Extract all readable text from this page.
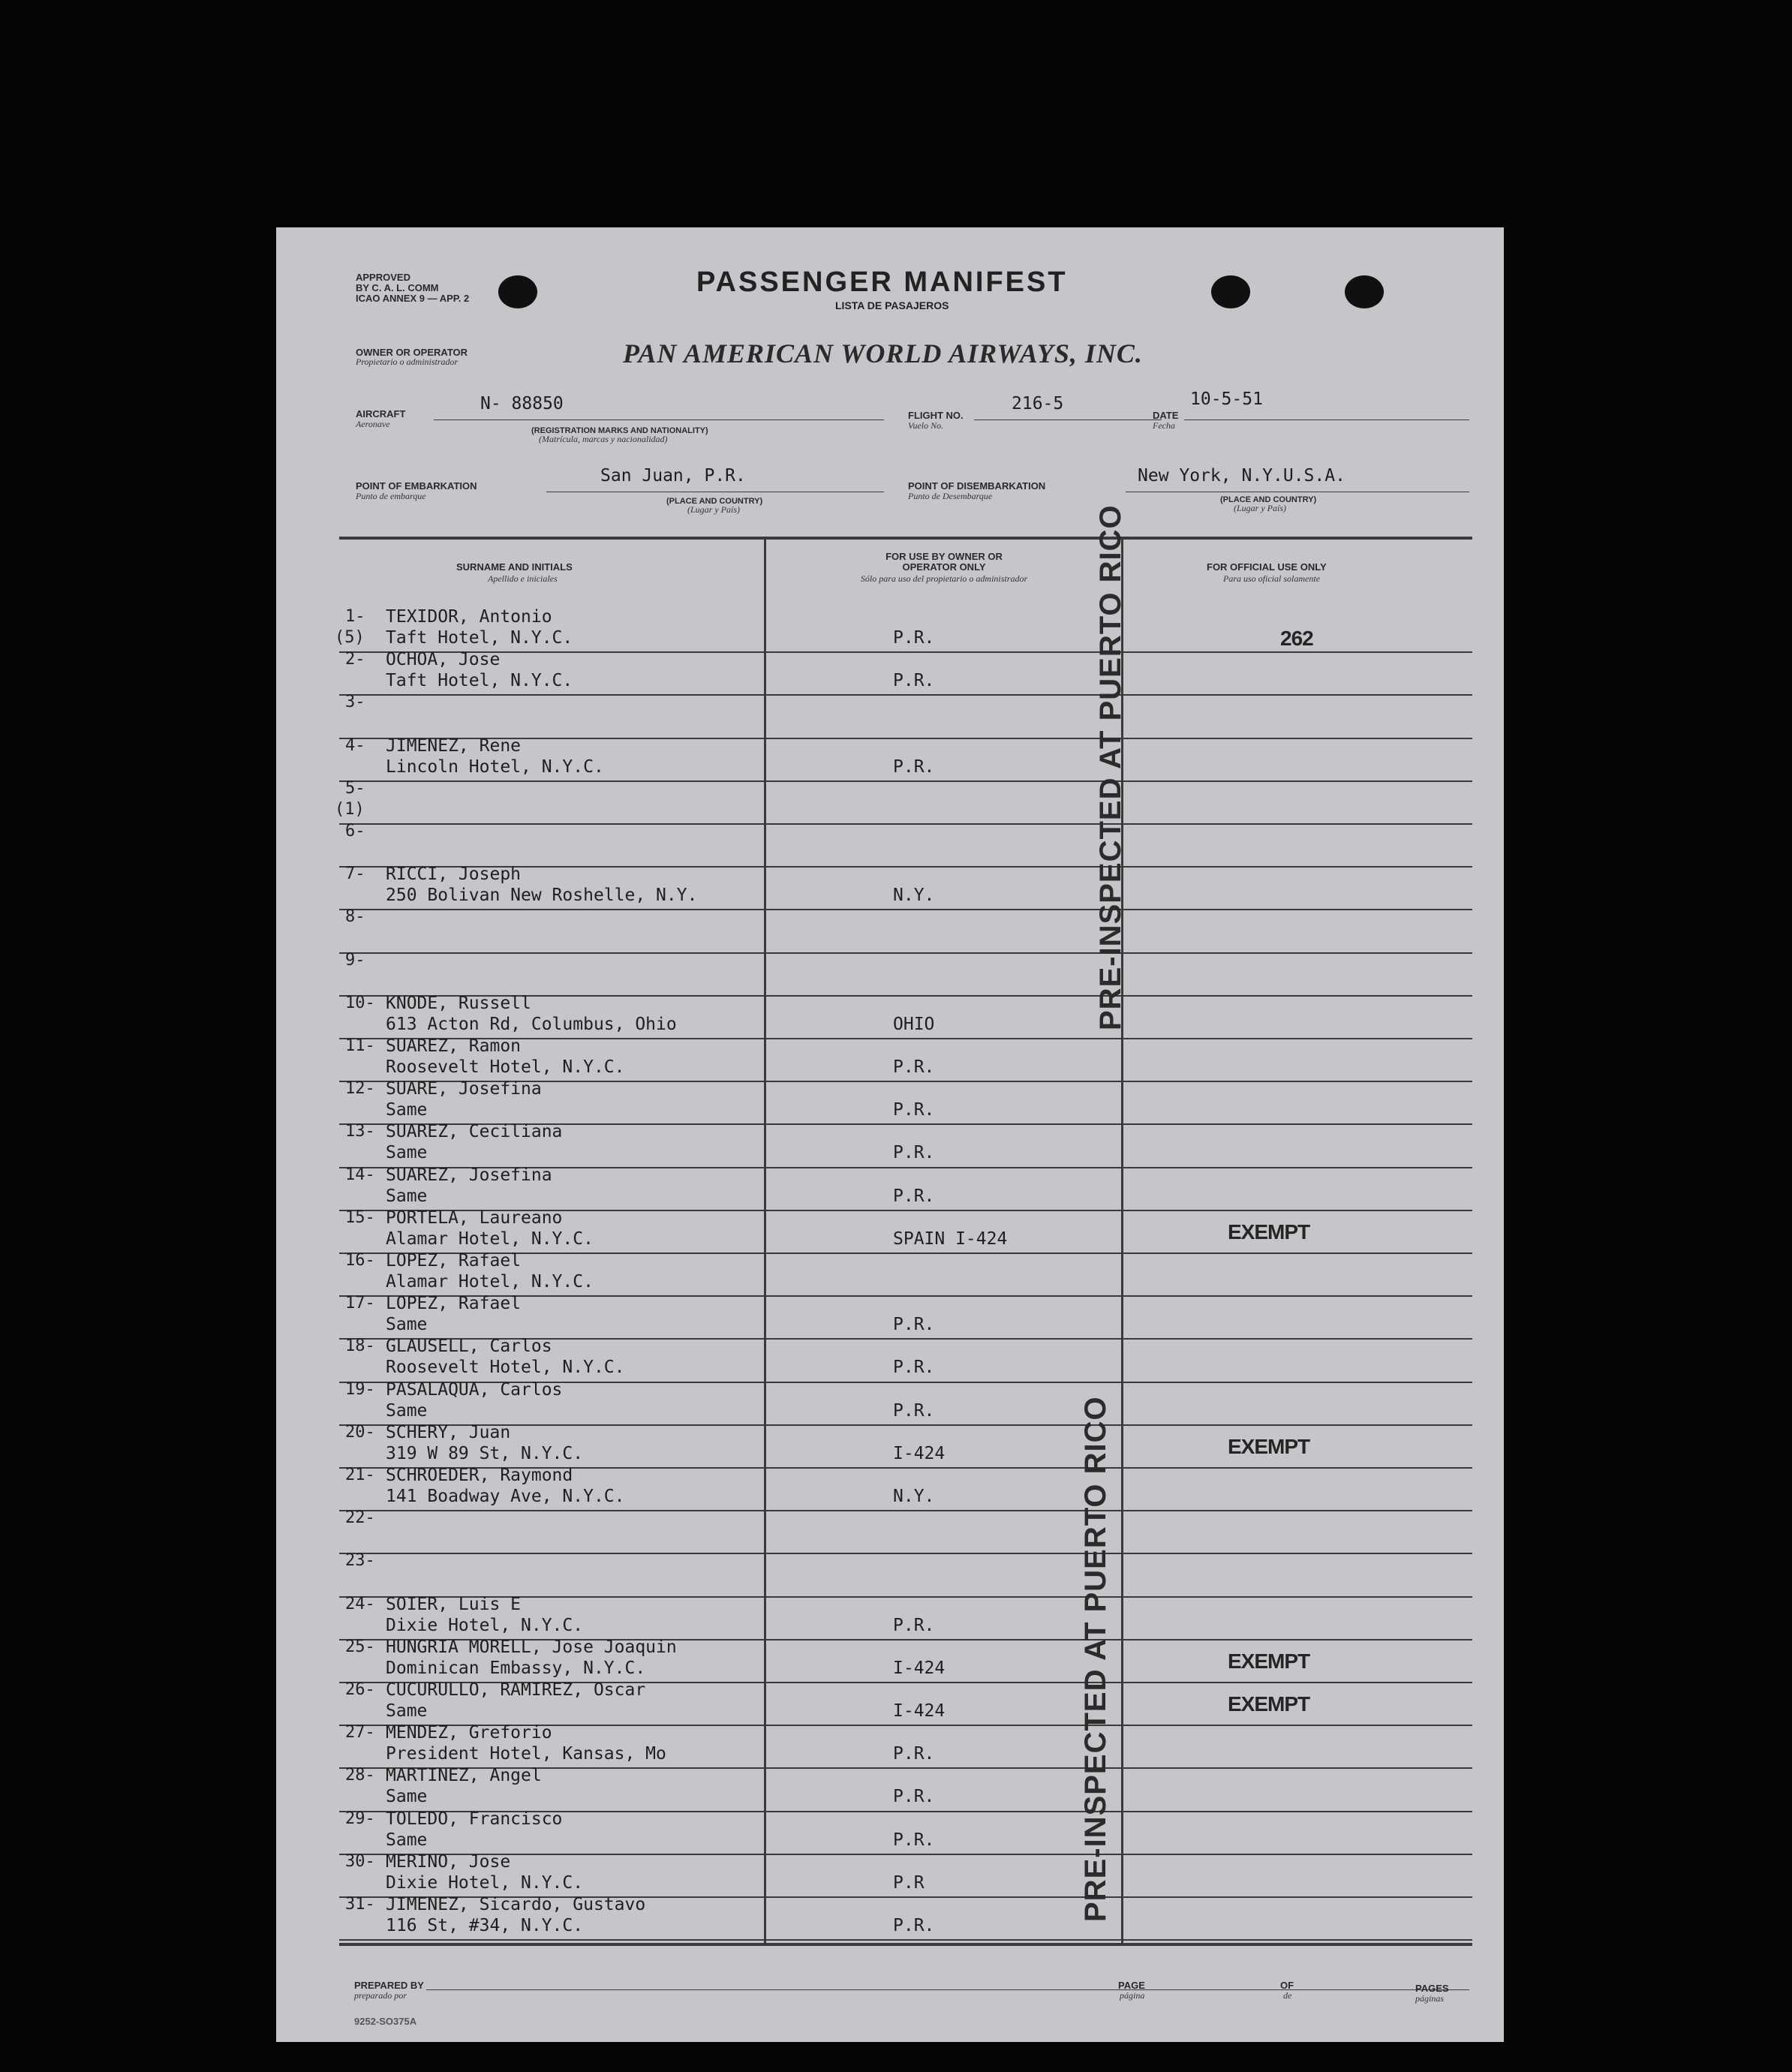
APPROVED
BY C. A. L. COMM
ICAO ANNEX 9 — APP. 2
PASSENGER MANIFEST
LISTA DE PASAJEROS
OWNER OR OPERATOR
Propietario o administrador	PAN AMERICAN WORLD AIRWAYS, INC.
AIRCRAFT
Aeronave
N- 88850
(REGISTRATION MARKS AND NATIONALITY)
(Matrícula, marcas y nacionalidad)
FLIGHT NO.
Vuelo No.
216-5
DATE
Fecha
10-5-51
POINT OF EMBARKATION
Punto de embarque
San Juan, P.R.
(PLACE AND COUNTRY)
(Lugar y País)
POINT OF DISEMBARKATION
Punto de Desembarque
New York, N.Y.U.S.A.
(PLACE AND COUNTRY)
(Lugar y País)
SURNAME AND INITIALS
Apellido e iniciales
FOR USE BY OWNER OR OPERATOR ONLY
Sólo para uso del propietario o administrador
FOR OFFICIAL USE ONLY
Para uso oficial solamente
1-
(5)
TEXIDOR, Antonio
Taft Hotel, N.Y.C.	P.R.	262
2- OCHOA, Jose
Taft Hotel, N.Y.C.	P.R.
3-
4- JIMENEZ, Rene
Lincoln Hotel, N.Y.C.	P.R.
5-
(1)
6-
7- RICCI, Joseph
250 Bolivan New Roshelle, N.Y.	N.Y.
8-
9-
10- KNODE, Russell
613 Acton Rd, Columbus, Ohio	OHIO
11- SUAREZ, Ramon
Roosevelt Hotel, N.Y.C.	P.R.
12- SUARE, Josefina
Same	P.R.
13- SUAREZ, Ceciliana
Same	P.R.
14- SUAREZ, Josefina
Same	P.R.
15- PORTELA, Laureano
Alamar Hotel, N.Y.C.	SPAIN I-424	EXEMPT
16- LOPEZ, Rafael
Alamar Hotel, N.Y.C.
17- LOPEZ, Rafael
Same	P.R.
18- GLAUSELL, Carlos
Roosevelt Hotel, N.Y.C.	P.R.
19- PASALAQUA, Carlos
Same	P.R.
20- SCHERY, Juan
319 W 89 St, N.Y.C.	I-424	EXEMPT
21- SCHROEDER, Raymond
141 Boadway Ave, N.Y.C.	N.Y.
22-
23-
24- SOIER, Luis E
Dixie Hotel, N.Y.C.	P.R.
25- HUNGRIA MORELL, Jose Joaquin
Dominican Embassy, N.Y.C.	I-424	EXEMPT
26- CUCURULLO, RAMIREZ, Oscar
Same	I-424	EXEMPT
27- MENDEZ, Greforio
President Hotel, Kansas, Mo	P.R.
28- MARTINEZ, Angel
Same	P.R.
29- TOLEDO, Francisco
Same	P.R.
30- MERINO, Jose
Dixie Hotel, N.Y.C.	P.R
31- JIMENEZ, Sicardo, Gustavo
116 St, #34, N.Y.C.	P.R.
PRE-INSPECTED AT PUERTO RICO
PRE-INSPECTED AT PUERTO RICO
PREPARED BY
preparado por
PAGE
página
OF
de
PAGES
páginas
9252-SO375A
